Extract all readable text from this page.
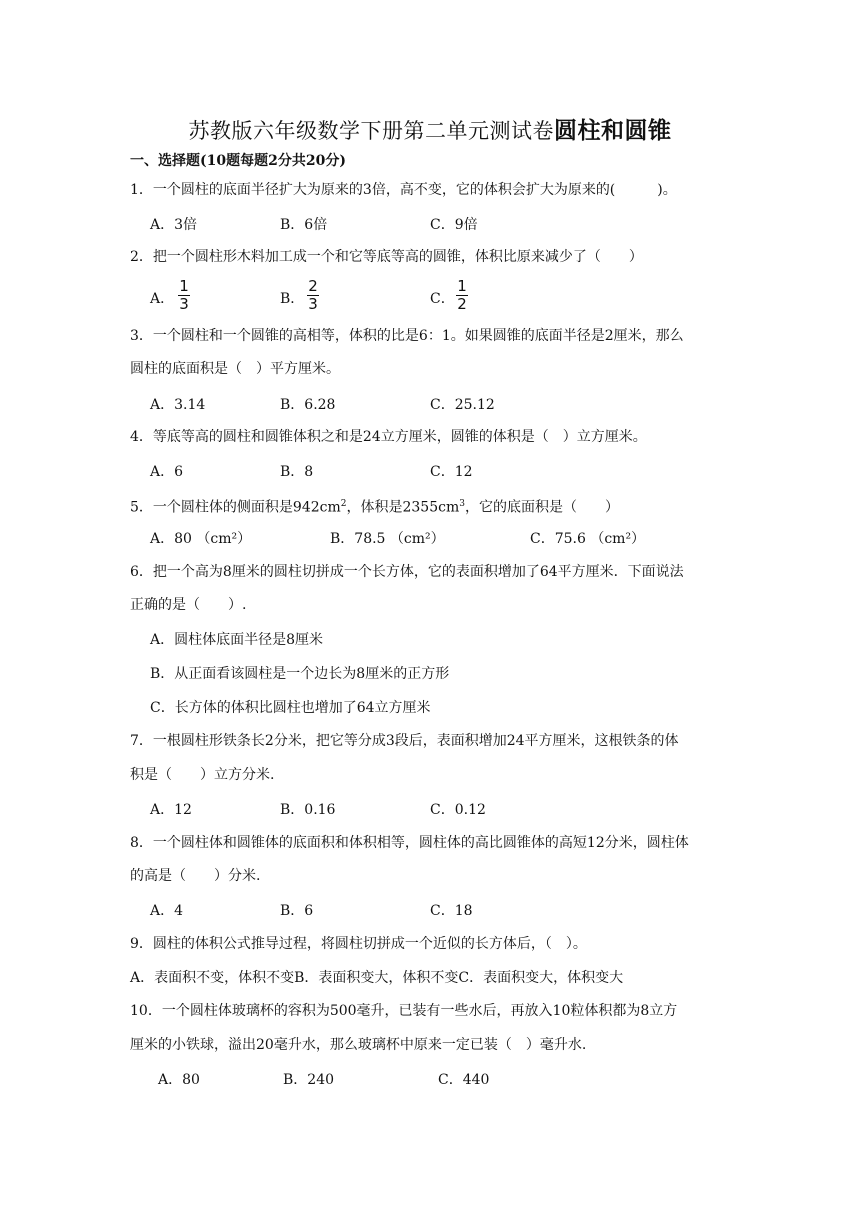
苏教版六年级数学下册第二单元测试卷圆柱和圆锥
一、选择题(10题每题2分共20分)
1．一个圆柱的底面半径扩大为原来的3倍，高不变，它的体积会扩大为原来的(　　　)。
A．3倍	B．6倍	C．9倍
2．把一个圆柱形木料加工成一个和它等底等高的圆锥，体积比原来减少了（　　）
A．
1
3	B．
2
3	C．
1
2
3．一个圆柱和一个圆锥的高相等，体积的比是6：1。如果圆锥的底面半径是2厘米，那么
圆柱的底面积是（　）平方厘米。
A．3.14	B．6.28	C．25.12
4．等底等高的圆柱和圆锥体积之和是24立方厘米，圆锥的体积是（　）立方厘米。
A．6	B．8	C．12
5．一个圆柱体的侧面积是$942cm^2$，体积是$2355cm^3$，它的底面积是（　　）
A．80 （cm²）	B．78.5 （cm²）	C．75.6 （cm²）
6．把一个高为8厘米的圆柱切拼成一个长方体，它的表面积增加了64平方厘米．下面说法
正确的是（　　）.
A．圆柱体底面半径是8厘米
B．从正面看该圆柱是一个边长为8厘米的正方形
C．长方体的体积比圆柱也增加了64立方厘米
7．一根圆柱形铁条长2分米，把它等分成3段后，表面积增加24平方厘米，这根铁条的体
积是（　　）立方分米.
A．12	B．0.16	C．0.12
8．一个圆柱体和圆锥体的底面积和体积相等，圆柱体的高比圆锥体的高短12分米，圆柱体
的高是（　　）分米.
A．4	B．6	C．18
9．圆柱的体积公式推导过程，将圆柱切拼成一个近似的长方体后，（　）。
A．表面积不变，体积不变B．表面积变大，体积不变C．表面积变大，体积变大
10．一个圆柱体玻璃杯的容积为500毫升，已装有一些水后，再放入10粒体积都为8立方
厘米的小铁球，溢出20毫升水，那么玻璃杯中原来一定已装（　）毫升水.
A．80	B．240	C．440
